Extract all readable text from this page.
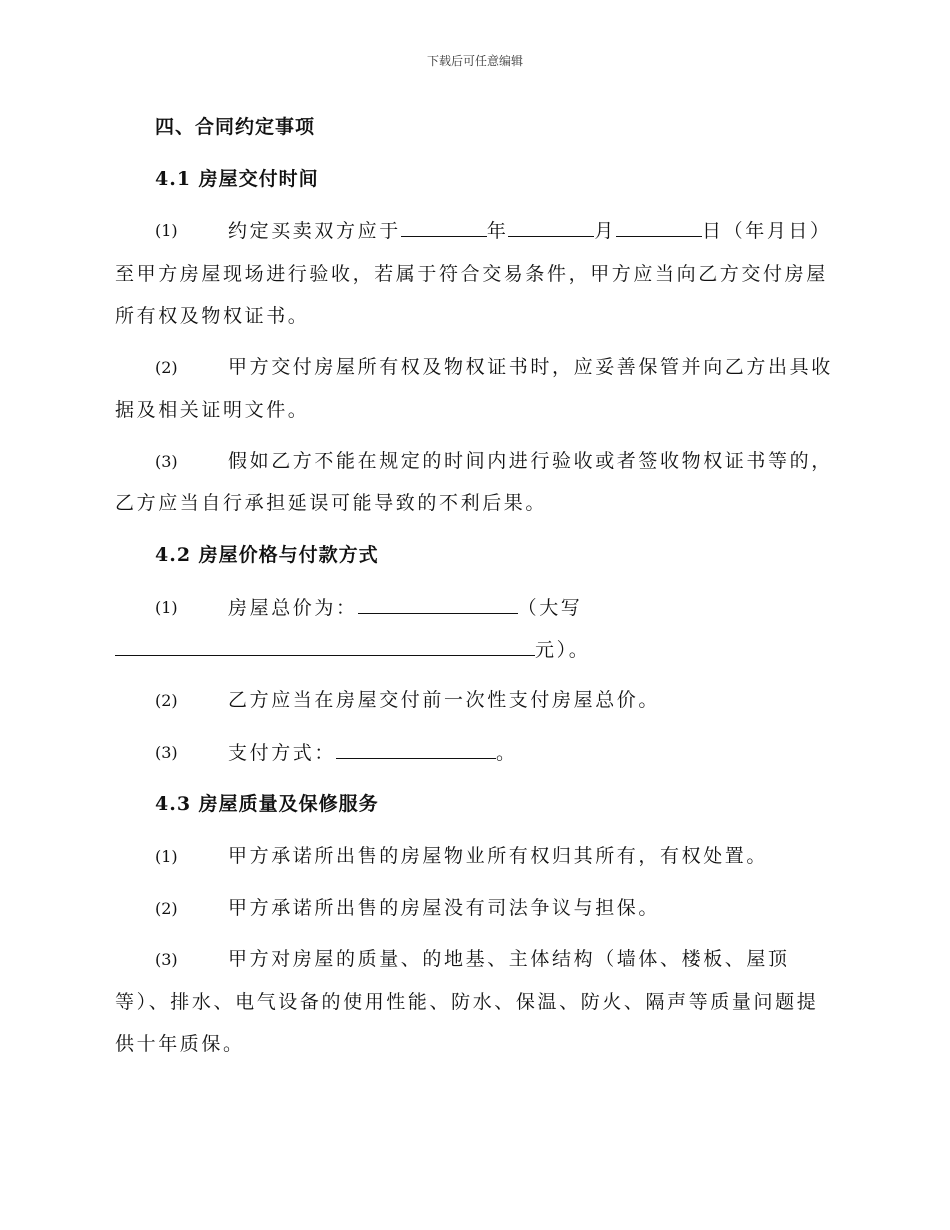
下载后可任意编辑
四、合同约定事项
4.1 房屋交付时间
(1)	约定买卖双方应于	年	月	日（年月日）
至甲方房屋现场进行验收，若属于符合交易条件，甲方应当向乙方交付房屋
所有权及物权证书。
(2)	甲方交付房屋所有权及物权证书时，应妥善保管并向乙方出具收
据及相关证明文件。
(3)	假如乙方不能在规定的时间内进行验收或者签收物权证书等的，
乙方应当自行承担延误可能导致的不利后果。
4.2 房屋价格与付款方式
(1)	房屋总价为：	（大写
元）。
(2)	乙方应当在房屋交付前一次性支付房屋总价。
(3)	支付方式：	。
4.3 房屋质量及保修服务
(1)	甲方承诺所出售的房屋物业所有权归其所有，有权处置。
(2)	甲方承诺所出售的房屋没有司法争议与担保。
(3)	甲方对房屋的质量、的地基、主体结构（墙体、楼板、屋顶
等）、排水、电气设备的使用性能、防水、保温、防火、隔声等质量问题提
供十年质保。
